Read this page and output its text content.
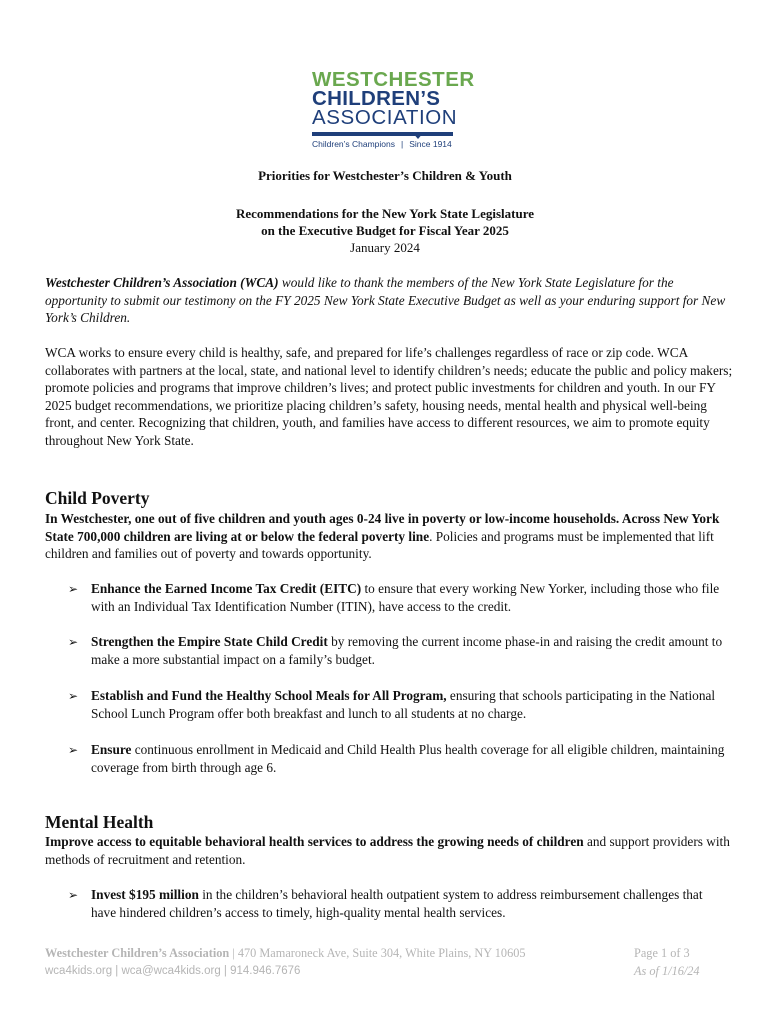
WESTCHESTER
CHILDREN’S
ASSOCIATION
Children’s Champions | Since 1914
Priorities for Westchester’s Children & Youth
Recommendations for the New York State Legislature
on the Executive Budget for Fiscal Year 2025
January 2024
Westchester Children’s Association (WCA) would like to thank the members of the New York State Legislature for the opportunity to submit our testimony on the FY 2025 New York State Executive Budget as well as your enduring support for New York’s Children.
WCA works to ensure every child is healthy, safe, and prepared for life’s challenges regardless of race or zip code. WCA collaborates with partners at the local, state, and national level to identify children’s needs; educate the public and policy makers; promote policies and programs that improve children’s lives; and protect public investments for children and youth. In our FY 2025 budget recommendations, we prioritize placing children’s safety, housing needs, mental health and physical well-being front, and center. Recognizing that children, youth, and families have access to different resources, we aim to promote equity throughout New York State.
Child Poverty
In Westchester, one out of five children and youth ages 0-24 live in poverty or low-income households. Across New York State 700,000 children are living at or below the federal poverty line. Policies and programs must be implemented that lift children and families out of poverty and towards opportunity.
➢ Enhance the Earned Income Tax Credit (EITC) to ensure that every working New Yorker, including those who file with an Individual Tax Identification Number (ITIN), have access to the credit.
➢ Strengthen the Empire State Child Credit by removing the current income phase-in and raising the credit amount to make a more substantial impact on a family’s budget.
➢ Establish and Fund the Healthy School Meals for All Program, ensuring that schools participating in the National School Lunch Program offer both breakfast and lunch to all students at no charge.
➢ Ensure continuous enrollment in Medicaid and Child Health Plus health coverage for all eligible children, maintaining coverage from birth through age 6.
Mental Health
Improve access to equitable behavioral health services to address the growing needs of children and support providers with methods of recruitment and retention.
➢ Invest $195 million in the children’s behavioral health outpatient system to address reimbursement challenges that have hindered children’s access to timely, high-quality mental health services.
Westchester Children’s Association | 470 Mamaroneck Ave, Suite 304, White Plains, NY 10605
wca4kids.org | wca@wca4kids.org | 914.946.7676
Page 1 of 3
As of 1/16/24
